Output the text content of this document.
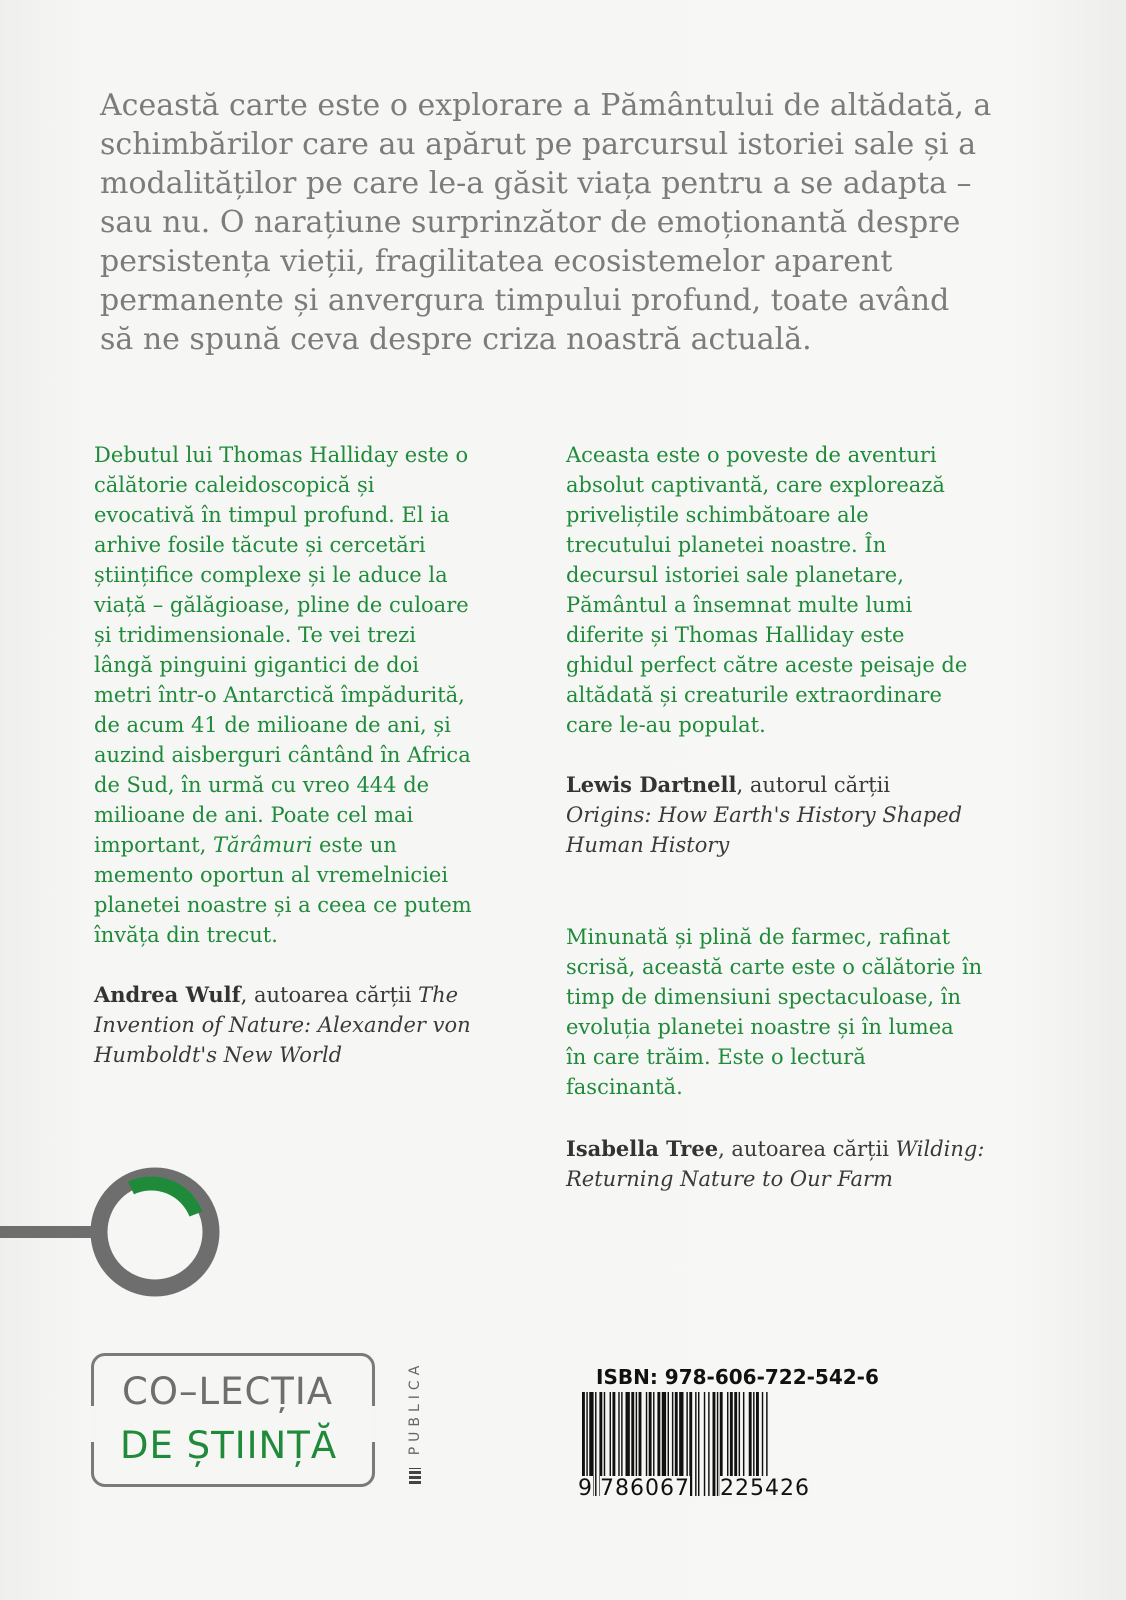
Această carte este o explorare a Pământului de altădată, a
schimbărilor care au apărut pe parcursul istoriei sale și a
modalităților pe care le-a găsit viața pentru a se adapta –
sau nu. O narațiune surprinzător de emoționantă despre
persistența vieții, fragilitatea ecosistemelor aparent
permanente și anvergura timpului profund, toate având
să ne spună ceva despre criza noastră actuală.

Debutul lui Thomas Halliday este o
călătorie caleidoscopică și
evocativă în timpul profund. El ia
arhive fosile tăcute și cercetări
științifice complexe și le aduce la
viață – gălăgioase, pline de culoare
și tridimensionale. Te vei trezi
lângă pinguini gigantici de doi
metri într-o Antarctică împădurită,
de acum 41 de milioane de ani, și
auzind aisberguri cântând în Africa
de Sud, în urmă cu vreo 444 de
milioane de ani. Poate cel mai
important, Tărâmuri este un
memento oportun al vremelniciei
planetei noastre și a ceea ce putem
învăța din trecut.
Andrea Wulf, autoarea cărții The
Invention of Nature: Alexander von
Humboldt's New World
Aceasta este o poveste de aventuri
absolut captivantă, care explorează
priveliștile schimbătoare ale
trecutului planetei noastre. În
decursul istoriei sale planetare,
Pământul a însemnat multe lumi
diferite și Thomas Halliday este
ghidul perfect către aceste peisaje de
altădată și creaturile extraordinare
care le-au populat.
Lewis Dartnell, autorul cărții
Origins: How Earth's History Shaped
Human History
Minunată și plină de farmec, rafinat
scrisă, această carte este o călătorie în
timp de dimensiuni spectaculoase, în
evoluția planetei noastre și în lumea
în care trăim. Este o lectură
fascinantă.
Isabella Tree, autoarea cărții Wilding:
Returning Nature to Our Farm
CO–LECȚIA
DE ȘTIINȚĂ	PUBLICA	ISBN: 978-606-722-542-6
9 786067 225426
